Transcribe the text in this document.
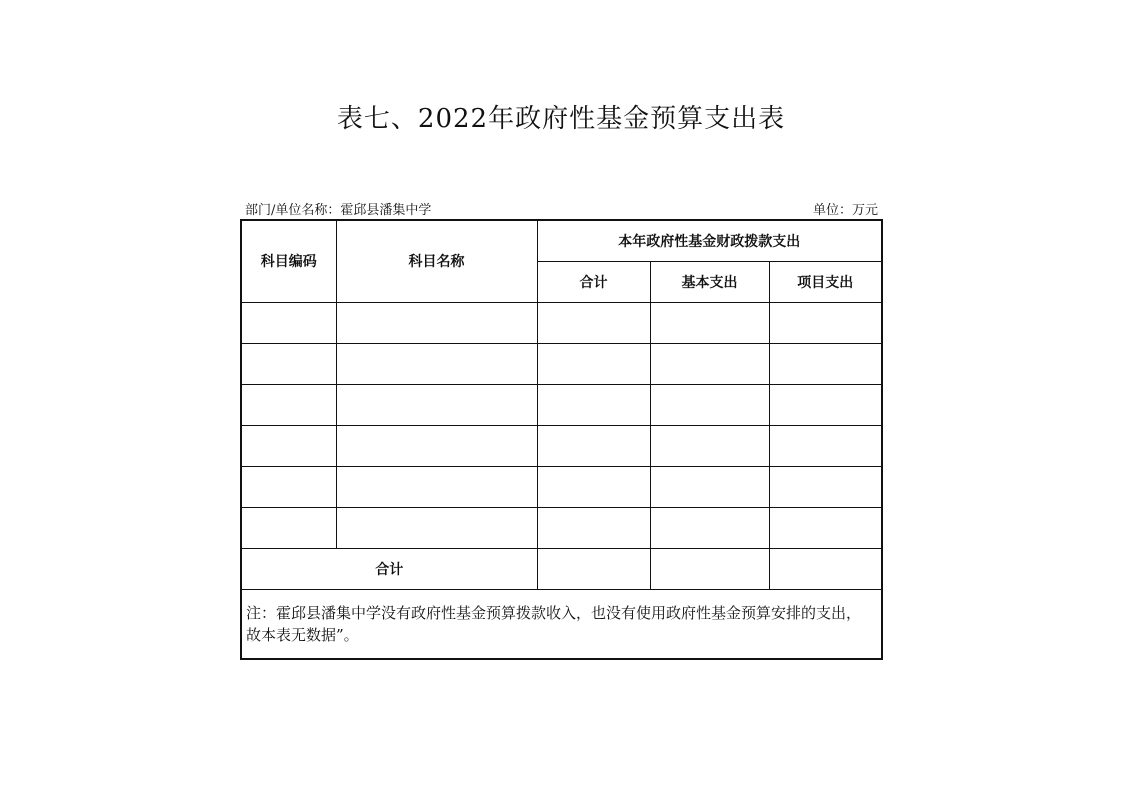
表七、2022年政府性基金预算支出表
部门/单位名称：霍邱县潘集中学	单位：万元
科目编码	科目名称	本年政府性基金财政拨款支出		
		合计	基本支出	项目支出

合计				
注：霍邱县潘集中学没有政府性基金预算拨款收入，也没有使用政府性基金预算安排的支出，故本表无数据”。				
